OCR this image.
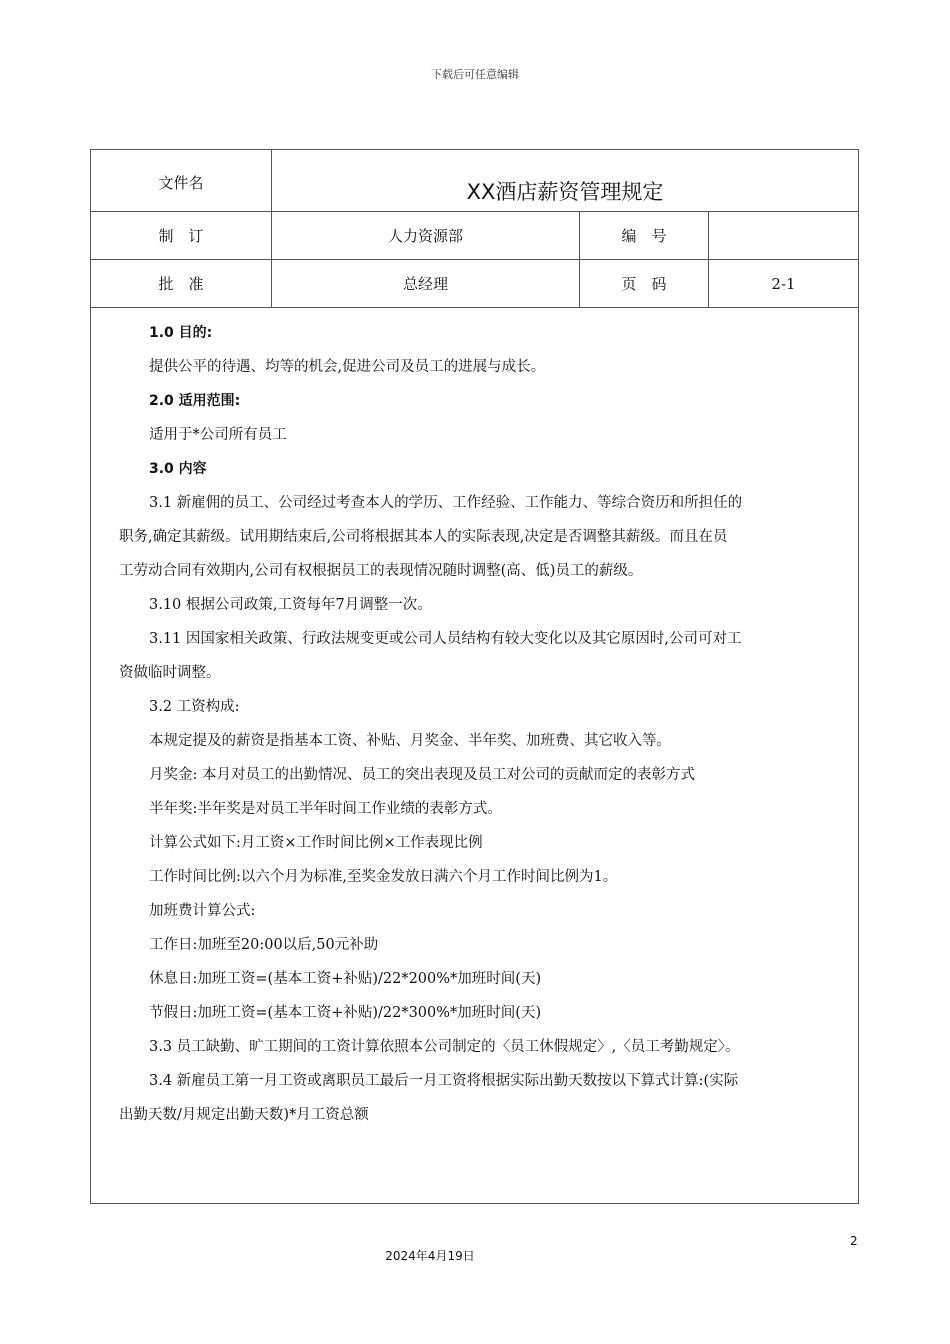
下载后可任意编辑
文件名	XX酒店薪资管理规定
制　订	人力资源部	编　号
批　准	总经理	页　码	2-1
1.0 目的:
提供公平的待遇、均等的机会,促进公司及员工的进展与成长。
2.0 适用范围:
适用于*公司所有员工
3.0 内容
3.1 新雇佣的员工、公司经过考查本人的学历、工作经验、工作能力、等综合资历和所担任的
职务,确定其薪级。试用期结束后,公司将根据其本人的实际表现,决定是否调整其薪级。而且在员
工劳动合同有效期内,公司有权根据员工的表现情况随时调整(高、低)员工的薪级。
3.10 根据公司政策,工资每年7月调整一次。
3.11 因国家相关政策、行政法规变更或公司人员结构有较大变化以及其它原因时,公司可对工
资做临时调整。
3.2 工资构成:
本规定提及的薪资是指基本工资、补贴、月奖金、半年奖、加班费、其它收入等。
月奖金: 本月对员工的出勤情况、员工的突出表现及员工对公司的贡献而定的表彰方式
半年奖:半年奖是对员工半年时间工作业绩的表彰方式。
计算公式如下:月工资×工作时间比例×工作表现比例
工作时间比例:以六个月为标准,至奖金发放日满六个月工作时间比例为1。
加班费计算公式:
工作日:加班至20:00以后,50元补助
休息日:加班工资=(基本工资+补贴)/22*200%*加班时间(天)
节假日:加班工资=(基本工资+补贴)/22*300%*加班时间(天)
3.3 员工缺勤、旷工期间的工资计算依照本公司制定的〈员工休假规定〉,〈员工考勤规定〉。
3.4 新雇员工第一月工资或离职员工最后一月工资将根据实际出勤天数按以下算式计算:(实际
出勤天数/月规定出勤天数)*月工资总额
2
2024年4月19日
